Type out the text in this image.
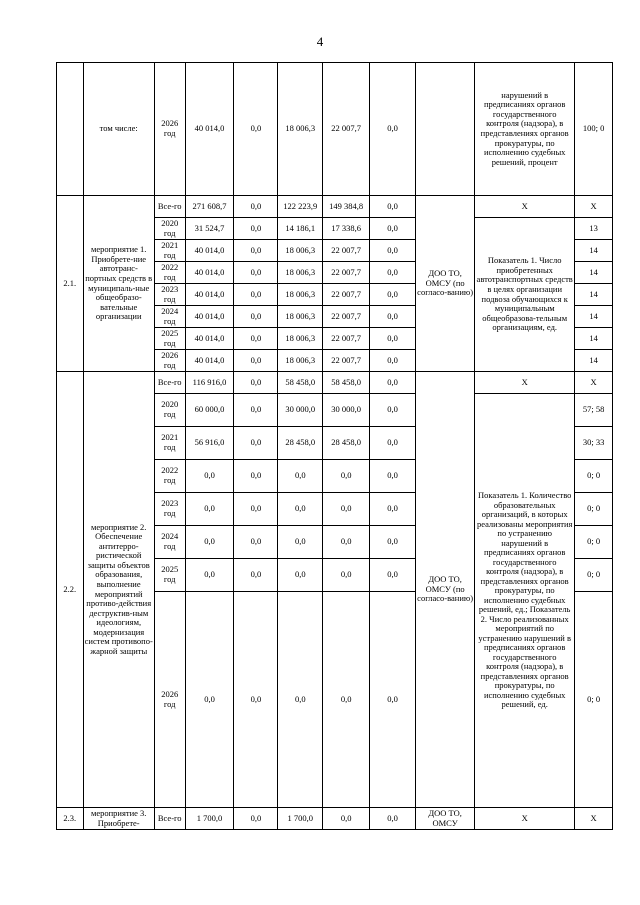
4
	том числе:	2026 год	40 014,0	0,0	18 006,3	22 007,7	0,0		нарушений в предписаниях органов государственного контроля (надзора), в представлениях органов прокуратуры, по исполнению судебных решений, процент	100; 0
2.1.	мероприятие 1. Приобрете-ние автотранс-портных средств в муниципаль-ные общеобразо-вательные организации	Все-го	271 608,7	0,0	122 223,9	149 384,8	0,0	ДОО ТО, ОМСУ (по согласо-ванию)	X	X
		2020 год	31 524,7	0,0	14 186,1	17 338,6	0,0		Показатель 1. Число приобретенных автотранспортных средств в целях организации подвоза обучающихся к муниципальным общеобразова-тельным организациям, ед.	13
		2021 год	40 014,0	0,0	18 006,3	22 007,7	0,0			14
		2022 год	40 014,0	0,0	18 006,3	22 007,7	0,0			14
		2023 год	40 014,0	0,0	18 006,3	22 007,7	0,0			14
		2024 год	40 014,0	0,0	18 006,3	22 007,7	0,0			14
		2025 год	40 014,0	0,0	18 006,3	22 007,7	0,0			14
		2026 год	40 014,0	0,0	18 006,3	22 007,7	0,0			14
2.2.	мероприятие 2. Обеспечение антитерро-ристической защиты объектов образования, выполнение мероприятий противо-действия деструктив-ным идеологиям, модернизация систем противопо-жарной защиты	Все-го	116 916,0	0,0	58 458,0	58 458,0	0,0	ДОО ТО, ОМСУ (по согласо-ванию)	X	X
		2020 год	60 000,0	0,0	30 000,0	30 000,0	0,0		Показатель 1. Количество образовательных организаций, в которых реализованы мероприятия по устранению нарушений в предписаниях органов государственного контроля (надзора), в представлениях органов прокуратуры, по исполнению судебных решений, ед.; Показатель 2. Число реализованных мероприятий по устранению нарушений в предписаниях органов государственного контроля (надзора), в представлениях органов прокуратуры, по исполнению судебных решений, ед.	57; 58
		2021 год	56 916,0	0,0	28 458,0	28 458,0	0,0			30; 33
		2022 год	0,0	0,0	0,0	0,0	0,0			0; 0
		2023 год	0,0	0,0	0,0	0,0	0,0			0; 0
		2024 год	0,0	0,0	0,0	0,0	0,0			0; 0
		2025 год	0,0	0,0	0,0	0,0	0,0			0; 0
		2026 год	0,0	0,0	0,0	0,0	0,0			0; 0
2.3.	мероприятие 3. Приобрете-	Все-го	1 700,0	0,0	1 700,0	0,0	0,0	ДОО ТО, ОМСУ	X	X
